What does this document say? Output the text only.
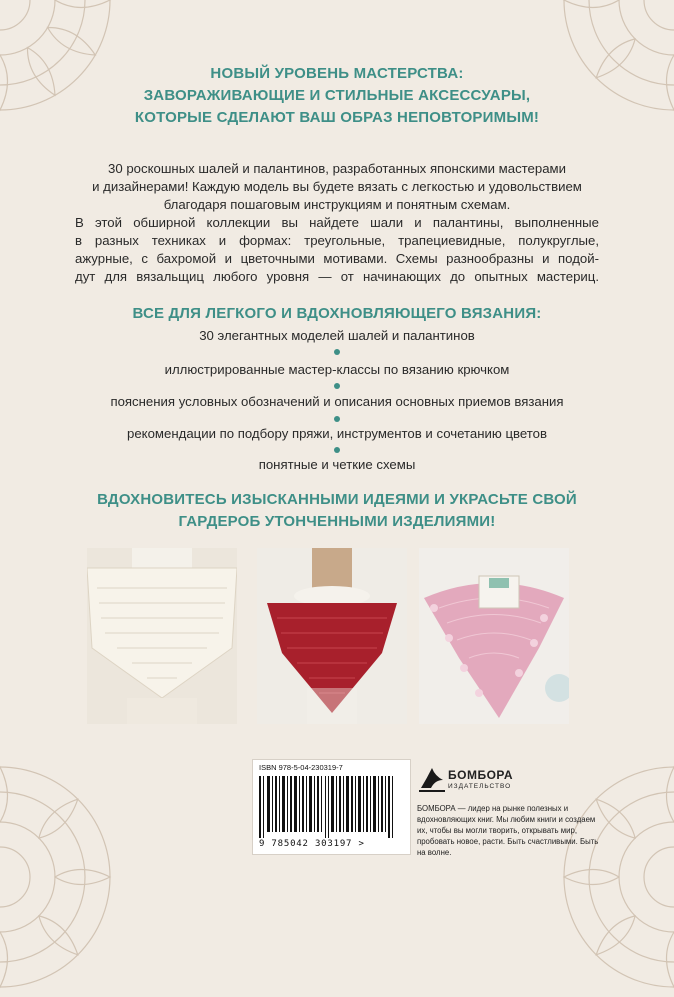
НОВЫЙ УРОВЕНЬ МАСТЕРСТВА:
ЗАВОРАЖИВАЮЩИЕ И СТИЛЬНЫЕ АКСЕССУАРЫ,
КОТОРЫЕ СДЕЛАЮТ ВАШ ОБРАЗ НЕПОВТОРИМЫМ!
30 роскошных шалей и палантинов, разработанных японскими мастерами
и дизайнерами! Каждую модель вы будете вязать с легкостью и удовольствием
благодаря пошаговым инструкциям и понятным схемам.
В этой обширной коллекции вы найдете шали и палантины, выполненные
в разных техниках и формах: треугольные, трапециевидные, полукруглые,
ажурные, с бахромой и цветочными мотивами. Схемы разнообразны и подой-
дут для вязальщиц любого уровня — от начинающих до опытных мастериц.
ВСЕ ДЛЯ ЛЕГКОГО И ВДОХНОВЛЯЮЩЕГО ВЯЗАНИЯ:
30 элегантных моделей шалей и палантинов
иллюстрированные мастер-классы по вязанию крючком
пояснения условных обозначений и описания основных приемов вязания
рекомендации по подбору пряжи, инструментов и сочетанию цветов
понятные и четкие схемы
ВДОХНОВИТЕСЬ ИЗЫСКАННЫМИ ИДЕЯМИ И УКРАСЬТЕ СВОЙ
ГАРДЕРОБ УТОНЧЕННЫМИ ИЗДЕЛИЯМИ!
ISBN 978-5-04-230319-7
9 785042 303197 >
БОМБОРА
ИЗДАТЕЛЬСТВО
БОМБОРА — лидер на рынке полезных и вдохновляющих книг. Мы любим книги и создаем их, чтобы вы могли творить, открывать мир, пробовать новое, расти. Быть счастливыми. Быть на волне.
